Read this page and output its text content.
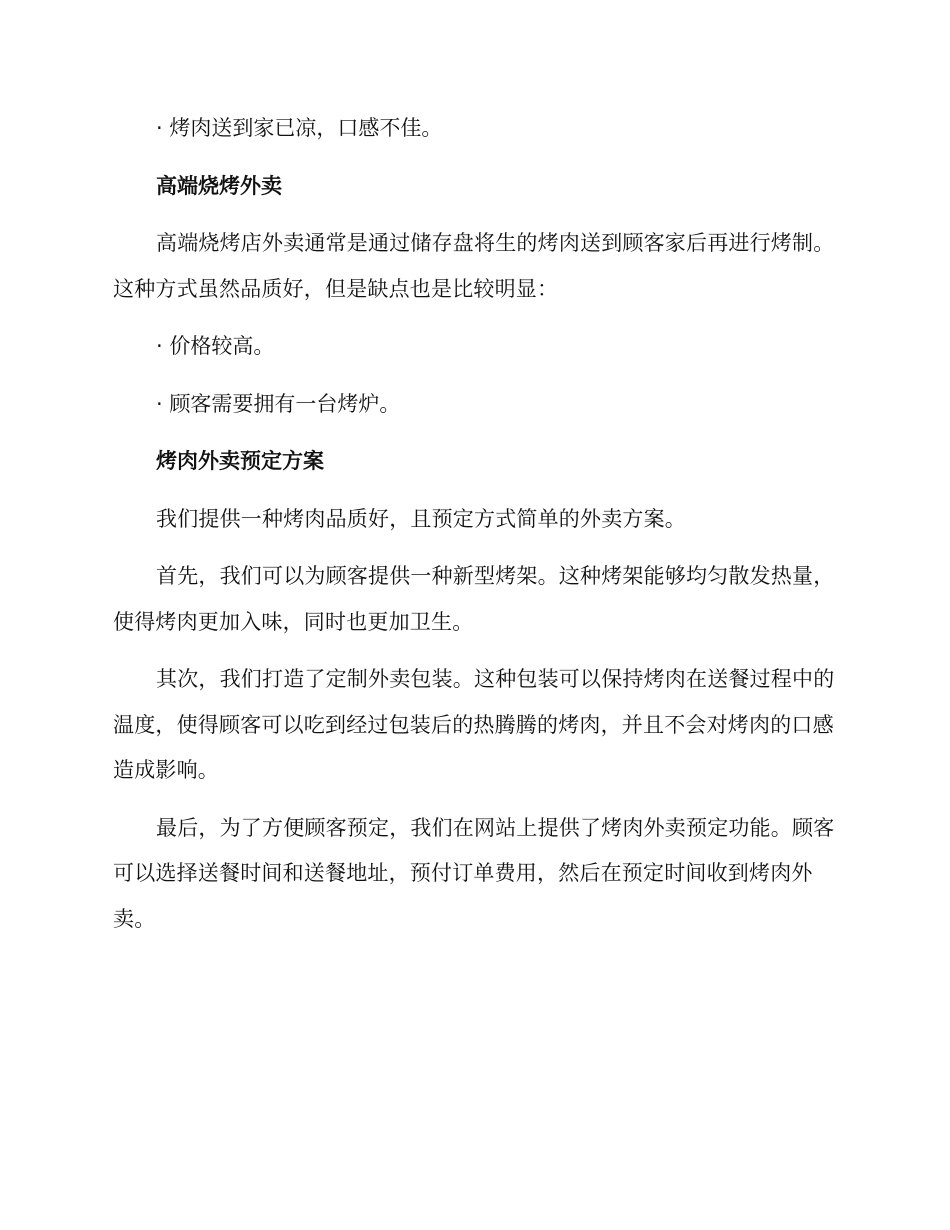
· 烤肉送到家已凉，口感不佳。

高端烧烤外卖

高端烧烤店外卖通常是通过储存盘将生的烤肉送到顾客家后再进行烤制。这种方式虽然品质好，但是缺点也是比较明显：

· 价格较高。

· 顾客需要拥有一台烤炉。

烤肉外卖预定方案

我们提供一种烤肉品质好，且预定方式简单的外卖方案。

首先，我们可以为顾客提供一种新型烤架。这种烤架能够均匀散发热量，使得烤肉更加入味，同时也更加卫生。

其次，我们打造了定制外卖包装。这种包装可以保持烤肉在送餐过程中的温度，使得顾客可以吃到经过包装后的热腾腾的烤肉，并且不会对烤肉的口感造成影响。

最后，为了方便顾客预定，我们在网站上提供了烤肉外卖预定功能。顾客可以选择送餐时间和送餐地址，预付订单费用，然后在预定时间收到烤肉外卖。
